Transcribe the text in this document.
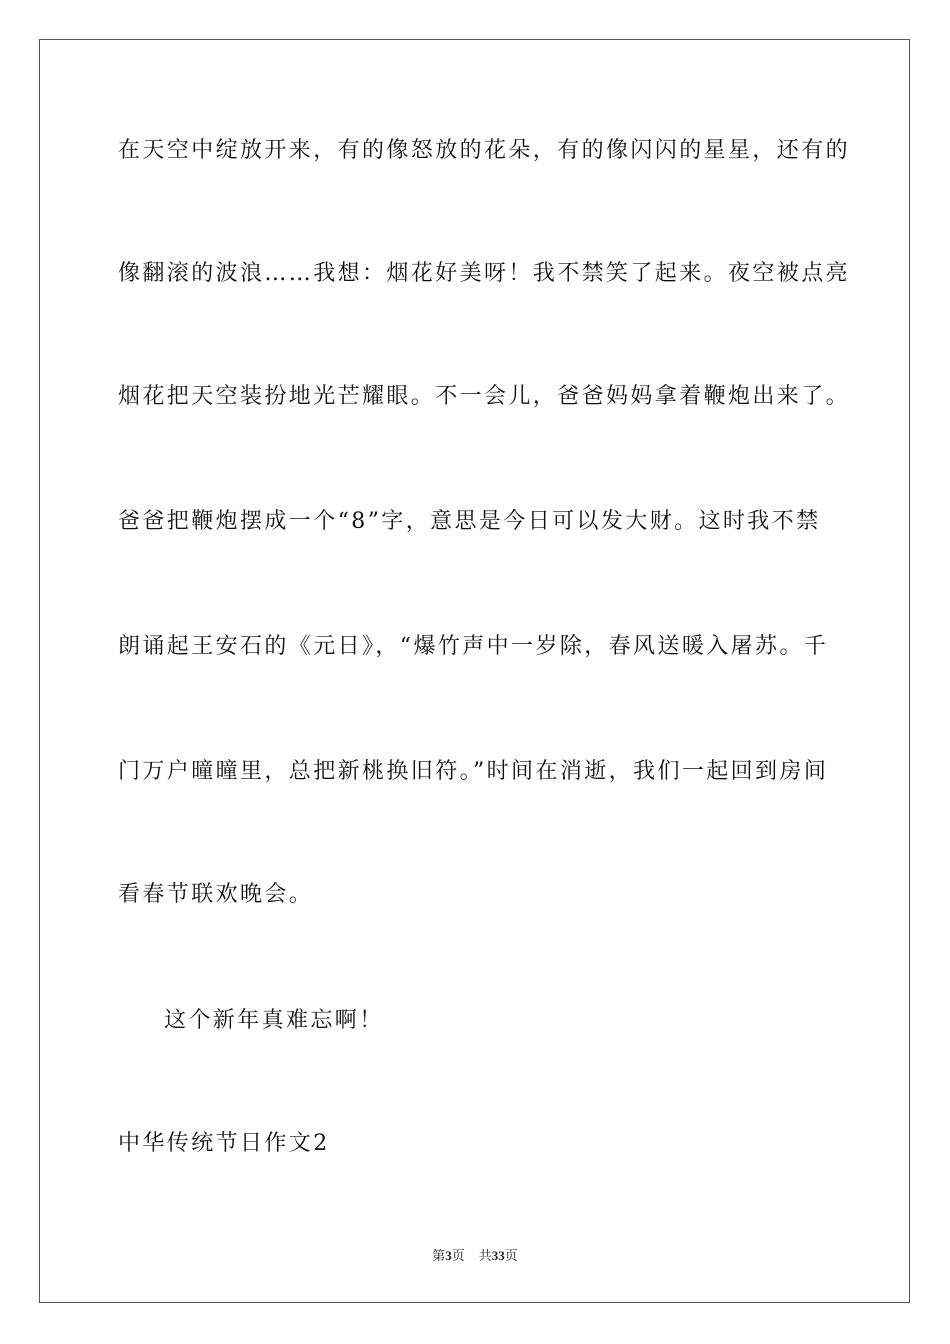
在天空中绽放开来，有的像怒放的花朵，有的像闪闪的星星，还有的
像翻滚的波浪……我想：烟花好美呀！我不禁笑了起来。夜空被点亮
烟花把天空装扮地光芒耀眼。不一会儿，爸爸妈妈拿着鞭炮出来了。
爸爸把鞭炮摆成一个“8”字，意思是今日可以发大财。这时我不禁
朗诵起王安石的《元日》，“爆竹声中一岁除，春风送暖入屠苏。千
门万户曈曈里，总把新桃换旧符。”时间在消逝，我们一起回到房间
看春节联欢晚会。
这个新年真难忘啊！
中华传统节日作文2
第3页 共33页
